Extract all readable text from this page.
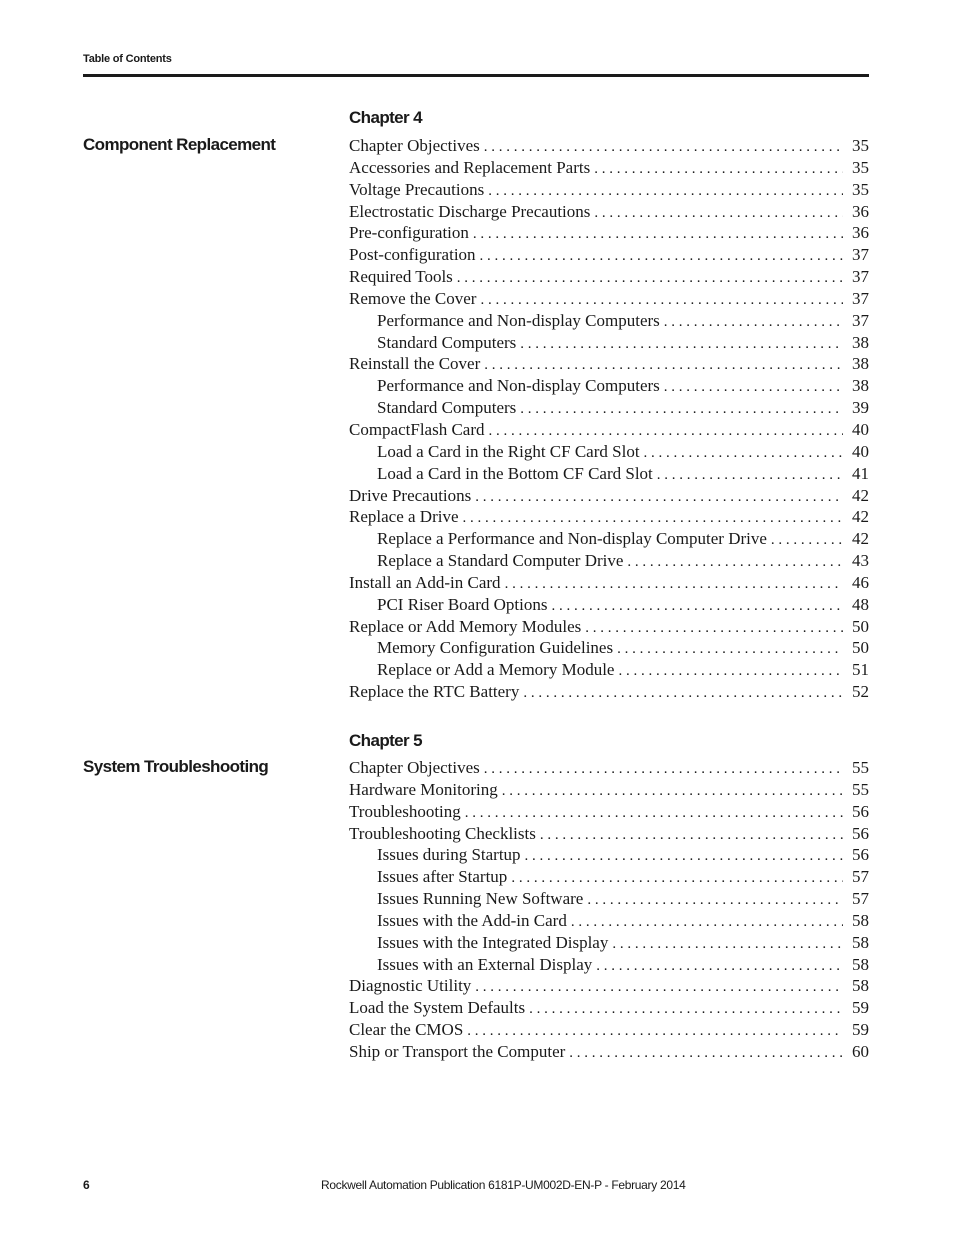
Table of Contents
Chapter 4
Component Replacement	Chapter Objectives . . .	35
Accessories and Replacement Parts . . .	35
Voltage Precautions . . .	35
Electrostatic Discharge Precautions . . .	36
Pre-configuration . . .	36
Post-configuration . . .	37
Required Tools . . .	37
Remove the Cover . . .	37
Performance and Non-display Computers . . .	37
Standard Computers . . .	38
Reinstall the Cover . . .	38
Performance and Non-display Computers . . .	38
Standard Computers . . .	39
CompactFlash Card . . .	40
Load a Card in the Right CF Card Slot . . .	40
Load a Card in the Bottom CF Card Slot . . .	41
Drive Precautions . . .	42
Replace a Drive . . .	42
Replace a Performance and Non-display Computer Drive . . .	42
Replace a Standard Computer Drive . . .	43
Install an Add-in Card . . .	46
PCI Riser Board Options . . .	48
Replace or Add Memory Modules . . .	50
Memory Configuration Guidelines . . .	50
Replace or Add a Memory Module . . .	51
Replace the RTC Battery . . .	52
Chapter 5
System Troubleshooting	Chapter Objectives . . .	55
Hardware Monitoring . . .	55
Troubleshooting . . .	56
Troubleshooting Checklists . . .	56
Issues during Startup . . .	56
Issues after Startup . . .	57
Issues Running New Software . . .	57
Issues with the Add-in Card . . .	58
Issues with the Integrated Display . . .	58
Issues with an External Display . . .	58
Diagnostic Utility . . .	58
Load the System Defaults . . .	59
Clear the CMOS . . .	59
Ship or Transport the Computer . . .	60
6	Rockwell Automation Publication 6181P-UM002D-EN-P - February 2014
